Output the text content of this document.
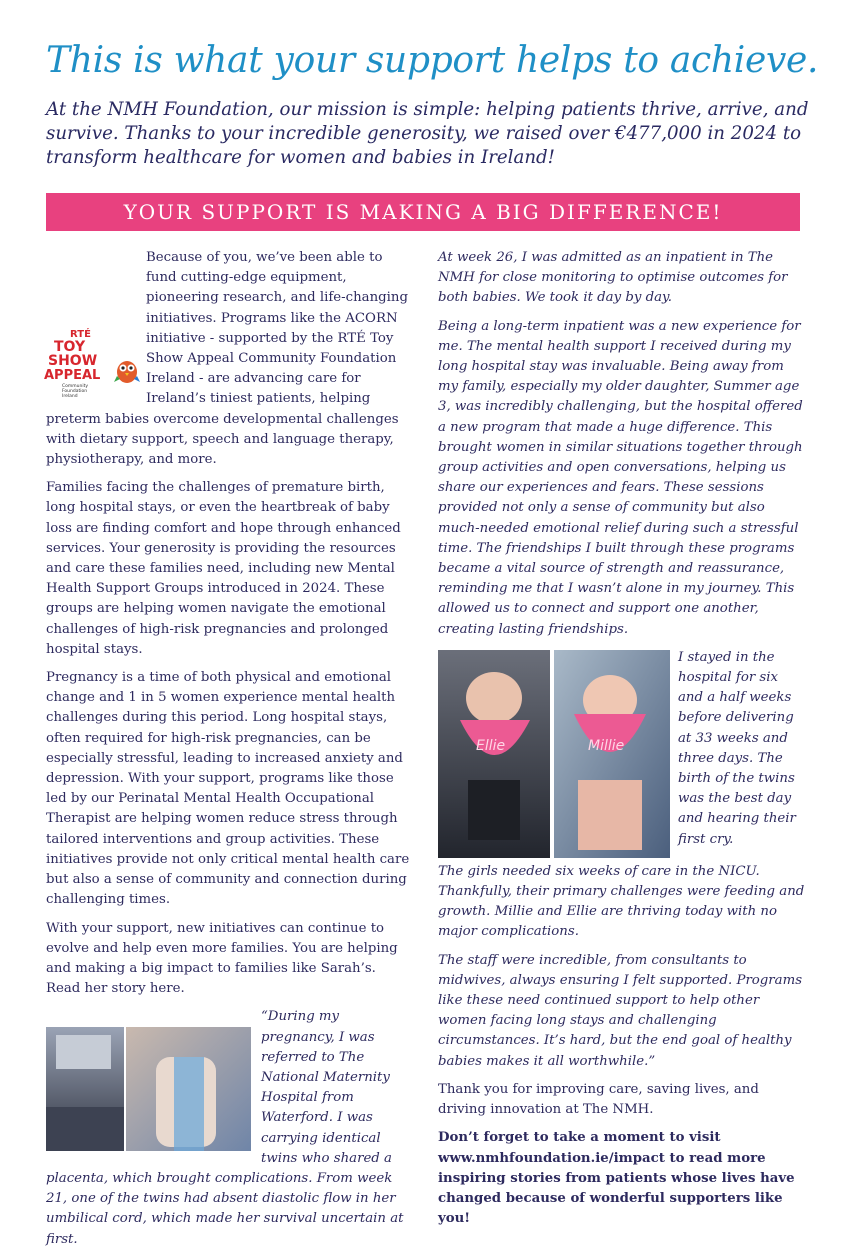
This is what your support helps to achieve.

At the NMH Foundation, our mission is simple: helping patients thrive, arrive, and survive. Thanks to your incredible generosity, we raised over €477,000 in 2024 to transform healthcare for women and babies in Ireland!

YOUR SUPPORT IS MAKING A BIG DIFFERENCE!

RTÉ
TOY
SHOW
APPEAL
Community
Foundation
Ireland
Because of you, we’ve been able to fund cutting-edge equipment, pioneering research, and life-changing initiatives. Programs like the ACORN initiative - supported by the RTÉ Toy Show Appeal Community Foundation Ireland - are advancing care for Ireland’s tiniest patients, helping preterm babies overcome developmental challenges with dietary support, speech and language therapy, physiotherapy, and more.

Families facing the challenges of premature birth, long hospital stays, or even the heartbreak of baby loss are finding comfort and hope through enhanced services. Your generosity is providing the resources and care these families need, including new Mental Health Support Groups introduced in 2024. These groups are helping women navigate the emotional challenges of high-risk pregnancies and prolonged hospital stays.

Pregnancy is a time of both physical and emotional change and 1 in 5 women experience mental health challenges during this period. Long hospital stays, often required for high-risk pregnancies, can be especially stressful, leading to increased anxiety and depression. With your support, programs like those led by our Perinatal Mental Health Occupational Therapist are helping women reduce stress through tailored interventions and group activities. These initiatives provide not only critical mental health care but also a sense of community and connection during challenging times.

With your support, new initiatives can continue to evolve and help even more families. You are helping and making a big impact to families like Sarah’s. Read her story here.

“During my pregnancy, I was referred to The National Maternity Hospital from Waterford. I was carrying identical twins who shared a placenta, which brought complications. From week 21, one of the twins had absent diastolic flow in her umbilical cord, which made her survival uncertain at first.

At week 26, I was admitted as an inpatient in The NMH for close monitoring to optimise outcomes for both babies. We took it day by day.

Being a long-term inpatient was a new experience for me. The mental health support I received during my long hospital stay was invaluable. Being away from my family, especially my older daughter, Summer age 3, was incredibly challenging, but the hospital offered a new program that made a huge difference. This brought women in similar situations together through group activities and open conversations, helping us share our experiences and fears. These sessions provided not only a sense of community but also much-needed emotional relief during such a stressful time. The friendships I built through these programs became a vital source of strength and reassurance, reminding me that I wasn’t alone in my journey. This allowed us to connect and support one another, creating lasting friendships.

Ellie	Millie
I stayed in the hospital for six and a half weeks before delivering at 33 weeks and three days. The birth of the twins was the best day and hearing their first cry.

The girls needed six weeks of care in the NICU. Thankfully, their primary challenges were feeding and growth. Millie and Ellie are thriving today with no major complications.

The staff were incredible, from consultants to midwives, always ensuring I felt supported. Programs like these need continued support to help other women facing long stays and challenging circumstances. It’s hard, but the end goal of healthy babies makes it all worthwhile.”

Thank you for improving care, saving lives, and driving innovation at The NMH.

Don’t forget to take a moment to visit www.nmhfoundation.ie/impact to read more inspiring stories from patients whose lives have changed because of wonderful supporters like you!
